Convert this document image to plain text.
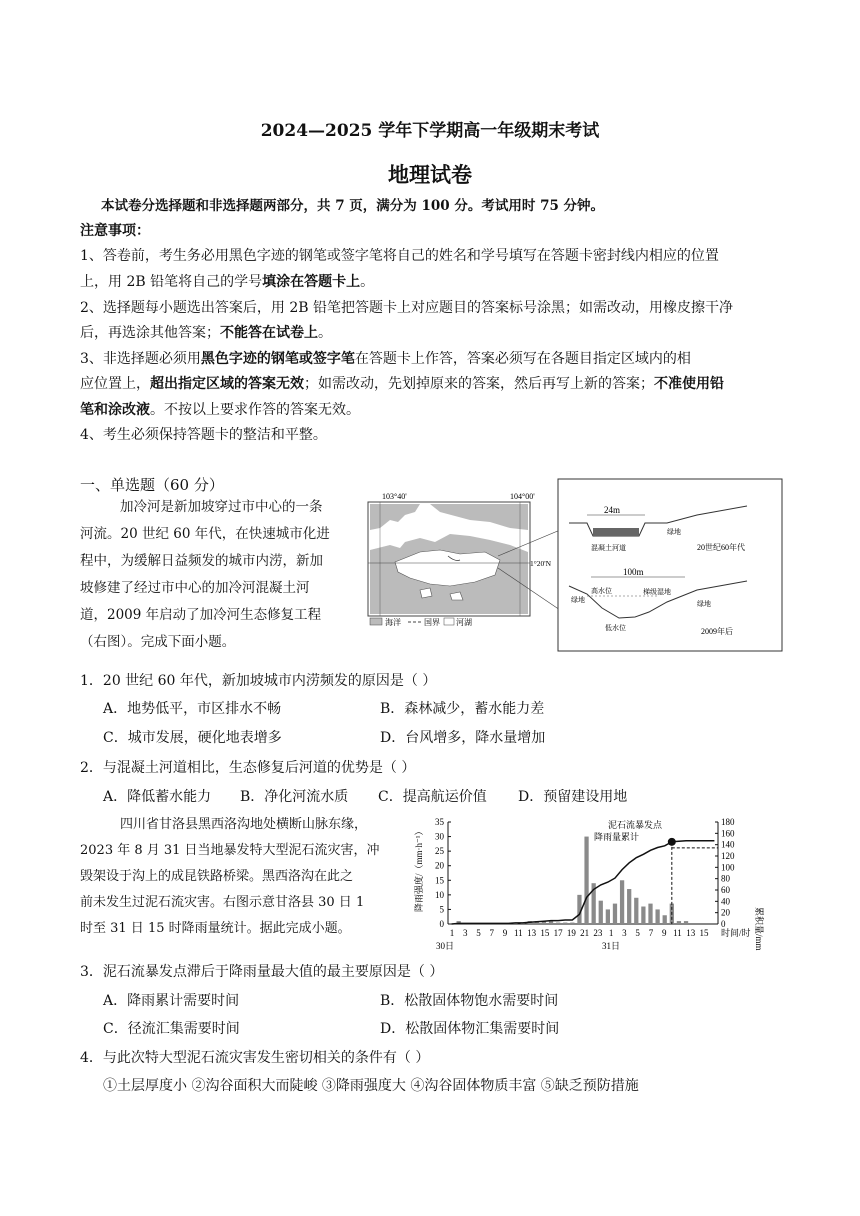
2024—2025 学年下学期高一年级期末考试
地理试卷
本试卷分选择题和非选择题两部分，共 7 页，满分为 100 分。考试用时 75 分钟。
注意事项：
1、答卷前，考生务必用黑色字迹的钢笔或签字笔将自己的姓名和学号填写在答题卡密封线内相应的位置
上，用 2B 铅笔将自己的学号填涂在答题卡上。
2、选择题每小题选出答案后，用 2B 铅笔把答题卡上对应题目的答案标号涂黑；如需改动，用橡皮擦干净
后，再选涂其他答案；不能答在试卷上。
3、非选择题必须用黑色字迹的钢笔或签字笔在答题卡上作答，答案必须写在各题目指定区域内的相
应位置上，超出指定区域的答案无效；如需改动，先划掉原来的答案，然后再写上新的答案；不准使用铅
笔和涂改液。不按以上要求作答的答案无效。
4、考生必须保持答题卡的整洁和平整。
一、单选题（60 分）
加冷河是新加坡穿过市中心的一条
河流。20 世纪 60 年代，在快速城市化进
程中，为缓解日益频发的城市内涝，新加
坡修建了经过市中心的加冷河混凝土河
道，2009 年启动了加冷河生态修复工程
（右图）。完成下面小题。
103°40'	104°00'
1°20'N
海洋	国界 河湖
24m
混凝土河道
绿地
20世纪60年代
100m
高水位
低水位
梯级湿地
绿地	绿地
2009年后
1．20 世纪 60 年代，新加坡城市内涝频发的原因是（ ）
A．地势低平，市区排水不畅	B．森林减少，蓄水能力差
C．城市发展，硬化地表增多	D．台风增多，降水量增加
2．与混凝土河道相比，生态修复后河道的优势是（ ）
A．降低蓄水能力 B．净化河流水质 C．提高航运价值 D．预留建设用地
四川省甘洛县黑西洛沟地处横断山脉东缘，
2023 年 8 月 31 日当地暴发特大型泥石流灾害，冲
毁架设于沟上的成昆铁路桥梁。黑西洛沟在此之
前未发生过泥石流灾害。右图示意甘洛县 30 日 1
时至 31 日 15 时降雨量统计。据此完成小题。
降雨强度/（mm·h⁻¹）
累积量/mm
35
30
25
20
15
10
5
0
180
160
140
120
100
80
60
40
20
0
1 3 5 7 9 11 13 15 17 19 21 23 1 3 5 7 9 11 13 15
泥石流暴发点
降雨量累计
30日	31日
时间/时
3．泥石流暴发点滞后于降雨量最大值的最主要原因是（ ）
A．降雨累计需要时间	B．松散固体物饱水需要时间
C．径流汇集需要时间	D．松散固体物汇集需要时间
4．与此次特大型泥石流灾害发生密切相关的条件有（ ）
①土层厚度小 ②沟谷面积大而陡峻 ③降雨强度大 ④沟谷固体物质丰富 ⑤缺乏预防措施
